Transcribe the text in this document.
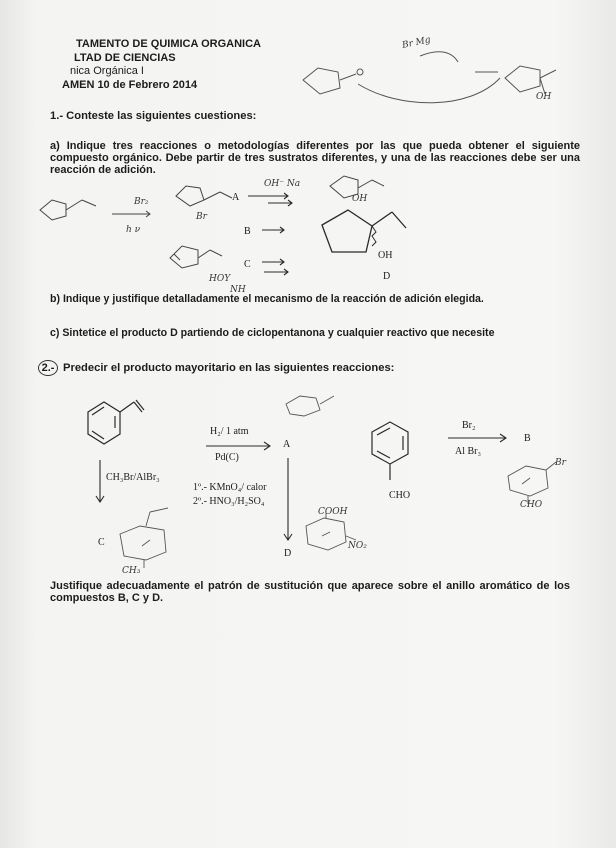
TAMENTO DE QUIMICA ORGANICA
LTAD DE CIENCIAS
nica Orgánica I
AMEN 10 de Febrero 2014
1.- Conteste las siguientes cuestiones:
a) Indique tres reacciones o metodologías diferentes por las que pueda obtener el siguiente compuesto orgánico. Debe partir de tres sustratos diferentes, y una de las reacciones debe ser una reacción de adición.
A
B
C
OH
D
b) Indique y justifique detalladamente el mecanismo de la reacción de adición elegida.
c) Sintetice el producto D partiendo de ciclopentanona y cualquier reactivo que necesite
2.- Predecir el producto mayoritario en las siguientes reacciones:
H₂/ 1 atm
Pd(C)
A
CH₃Br/AlBr₃
1º.- KMnO₄/ calor
2º.- HNO₃/H₂SO₄
C
D
CHO
Br₂
Al Br₃
B
Justifique adecuadamente el patrón de sustitución que aparece sobre el anillo aromático de los compuestos B, C y D.
Br Mg
OH
Br₂
h ν
Br
OH⁻ Na
OH
HOY
NH
COOH
NO₂
CH₃
Br
CHO
